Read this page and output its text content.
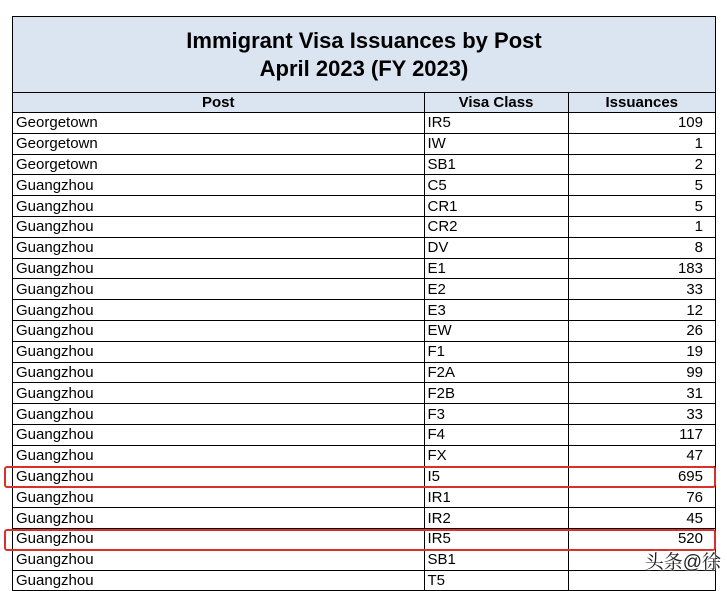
Immigrant Visa Issuances by Post
April 2023 (FY 2023)
Post	Visa Class	Issuances
Georgetown	IR5	109
Georgetown	IW	1
Georgetown	SB1	2
Guangzhou	C5	5
Guangzhou	CR1	5
Guangzhou	CR2	1
Guangzhou	DV	8
Guangzhou	E1	183
Guangzhou	E2	33
Guangzhou	E3	12
Guangzhou	EW	26
Guangzhou	F1	19
Guangzhou	F2A	99
Guangzhou	F2B	31
Guangzhou	F3	33
Guangzhou	F4	117
Guangzhou	FX	47
Guangzhou	I5	695
Guangzhou	IR1	76
Guangzhou	IR2	45
Guangzhou	IR5	520
Guangzhou	SB1	
Guangzhou	T5	
头条@徐
